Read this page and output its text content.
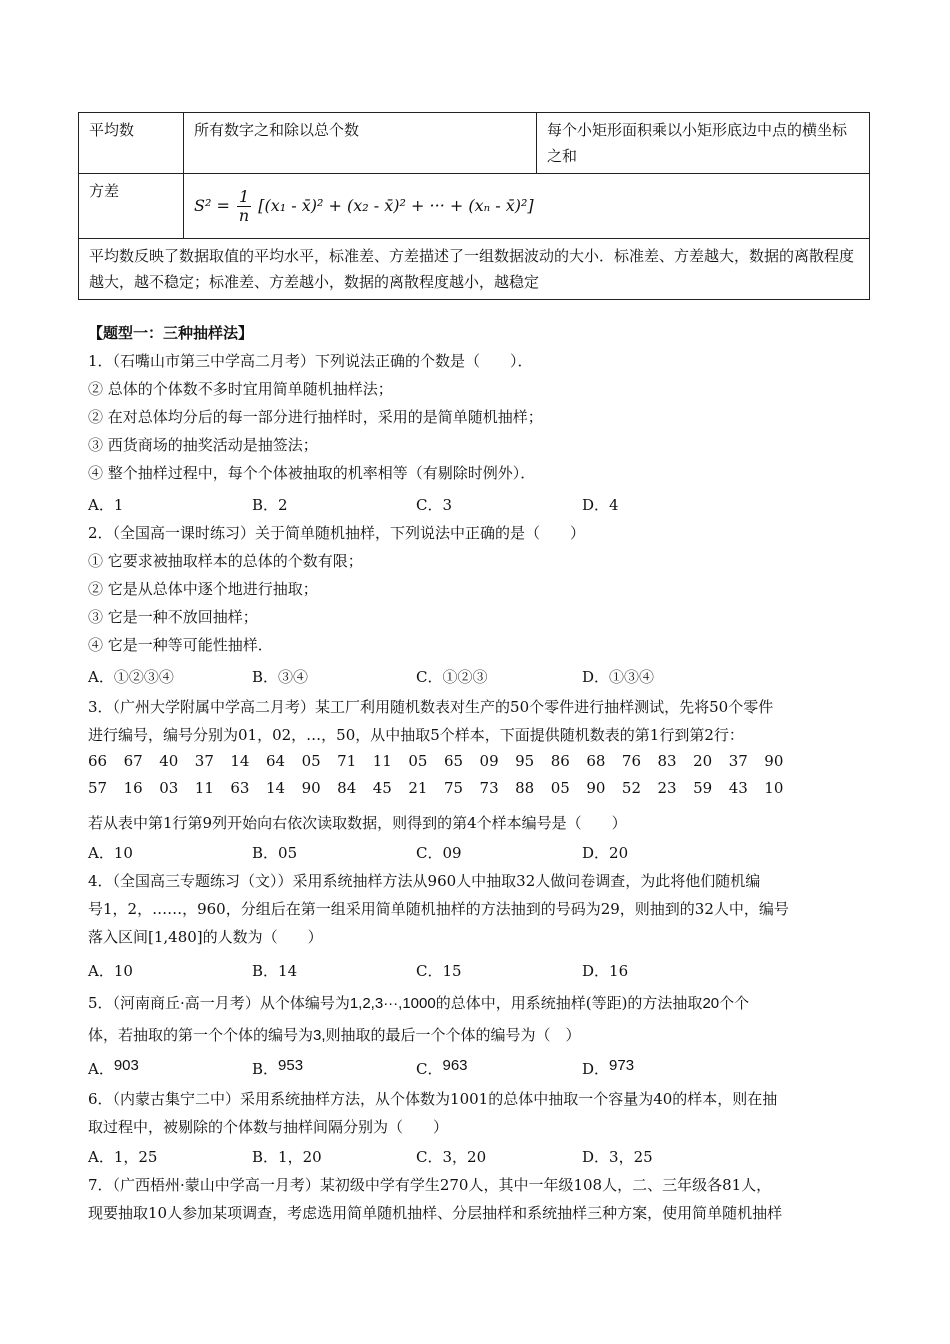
平均数	所有数字之和除以总个数	每个小矩形面积乘以小矩形底边中点的横坐标之和
方差	$S^2 = \frac{1}{n} [(x_1$ - x̄)² + (x₂ - x̄)² + ··· + (xₙ - x̄)²]	
平均数反映了数据取值的平均水平，标准差、方差描述了一组数据波动的大小．标准差、方差越大，数据的离散程度越大，越不稳定；标准差、方差越小，数据的离散程度越小，越稳定		
【题型一：三种抽样法】
1．（石嘴山市第三中学高二月考）下列说法正确的个数是（　　）．
② 总体的个体数不多时宜用简单随机抽样法；
② 在对总体均分后的每一部分进行抽样时，采用的是简单随机抽样；
③ 西货商场的抽奖活动是抽签法；
④ 整个抽样过程中，每个个体被抽取的机率相等（有剔除时例外）．
A．1	B．2	C．3	D．4
2．（全国高一课时练习）关于简单随机抽样，下列说法中正确的是（　　）
① 它要求被抽取样本的总体的个数有限；
② 它是从总体中逐个地进行抽取；
③ 它是一种不放回抽样；
④ 它是一种等可能性抽样．
A．①②③④	B．③④	C．①②③	D．①③④
3．（广州大学附属中学高二月考）某工厂利用随机数表对生产的50个零件进行抽样测试，先将50个零件
进行编号，编号分别为01，02，…，50，从中抽取5个样本，下面提供随机数表的第1行到第2行：
66 67 40 37 14 64 05 71 11 05 65 09 95 86 68 76 83 20 37 90
57 16 03 11 63 14 90 84 45 21 75 73 88 05 90 52 23 59 43 10
若从表中第1行第9列开始向右依次读取数据，则得到的第4个样本编号是（　　）
A．10	B．05	C．09	D．20
4．（全国高三专题练习（文））采用系统抽样方法从960人中抽取32人做问卷调查，为此将他们随机编
号1，2，……，960，分组后在第一组采用简单随机抽样的方法抽到的号码为29，则抽到的32人中，编号
落入区间[1,480]的人数为（　　）
A．10	B．14	C．15	D．16
5．（河南商丘·高一月考）从个体编号为1,2,3···,1000的总体中，用系统抽样(等距)的方法抽取20个个
体，若抽取的第一个个体的编号为3,则抽取的最后一个个体的编号为（　）
A．903	B．953	C．963	D．973
6．（内蒙古集宁二中）采用系统抽样方法，从个体数为1001的总体中抽取一个容量为40的样本，则在抽
取过程中，被剔除的个体数与抽样间隔分别为（　　）
A．1，25	B．1，20	C．3，20	D．3，25
7．（广西梧州·蒙山中学高一月考）某初级中学有学生270人，其中一年级108人，二、三年级各81人，
现要抽取10人参加某项调查，考虑选用简单随机抽样、分层抽样和系统抽样三种方案，使用简单随机抽样
